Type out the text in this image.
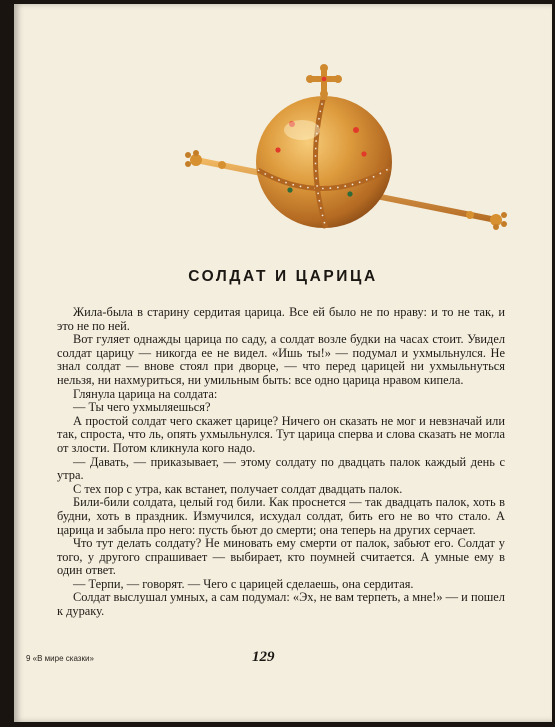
СОЛДАТ И ЦАРИЦА

Жила-была в старину сердитая царица. Все ей было не по нраву: и то не так, и это не по ней.

Вот гуляет однажды царица по саду, а солдат возле будки на часах стоит. Увидел солдат царицу — никогда ее не видел. «Ишь ты!» — подумал и ухмыльнулся. Не знал солдат — внове стоял при дворце, — что перед царицей ни ухмыльнуться нельзя, ни нахмуриться, ни умильным быть: все одно царица нравом кипела.

Глянула царица на солдата:

— Ты чего ухмыляешься?

А простой солдат чего скажет царице? Ничего он сказать не мог и невзначай или так, спроста, что ль, опять ухмыльнулся. Тут царица сперва и слова сказать не могла от злости. Потом кликнула кого надо.

— Давать, — приказывает, — этому солдату по двадцать палок каждый день с утра.

С тех пор с утра, как встанет, получает солдат двадцать палок.

Били-били солдата, целый год били. Как проснется — так двадцать палок, хоть в будни, хоть в праздник. Измучился, исхудал солдат, бить его не во что стало. А царица и забыла про него: пусть бьют до смерти; она теперь на других серчает.

Что тут делать солдату? Не миновать ему смерти от палок, забьют его. Солдат у того, у другого спрашивает — выбирает, кто поумней считается. А умные ему в один ответ.

— Терпи, — говорят. — Чего с царицей сделаешь, она сердитая.

Солдат выслушал умных, а сам подумал: «Эх, не вам терпеть, а мне!» — и пошел к дураку.

9 «В мире сказки»	129
